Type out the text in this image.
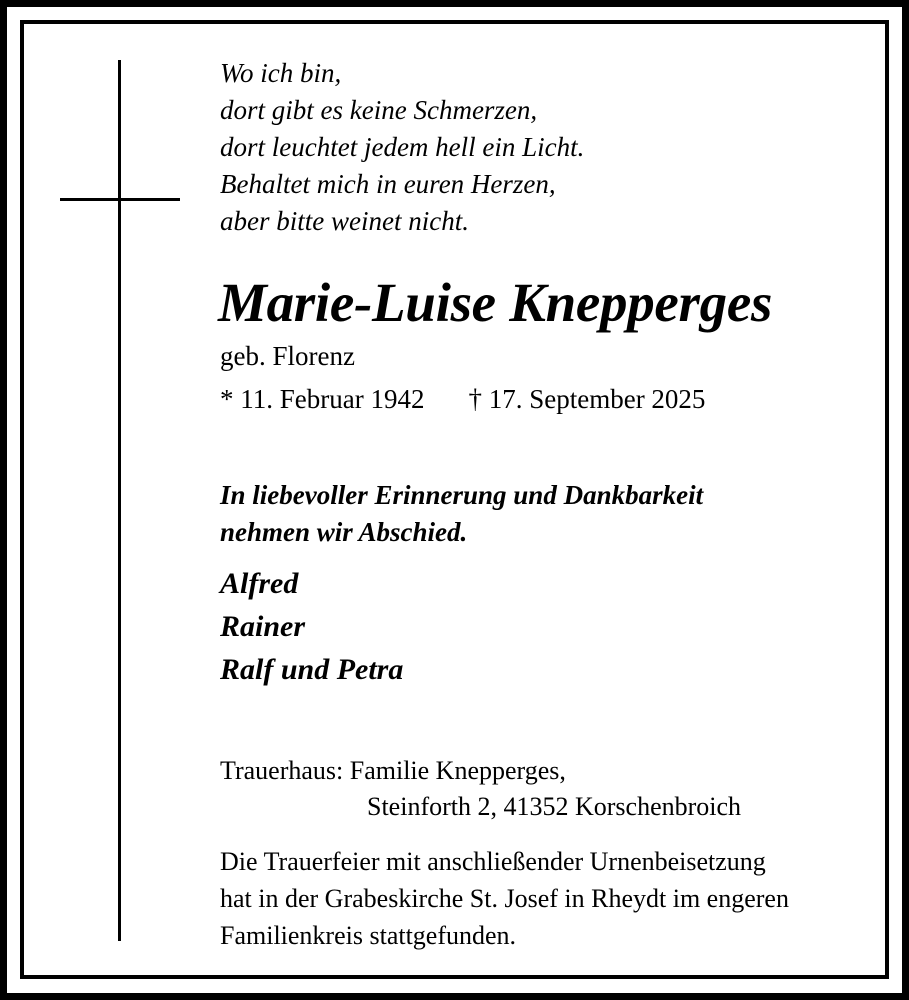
Wo ich bin,
dort gibt es keine Schmerzen,
dort leuchtet jedem hell ein Licht.
Behaltet mich in euren Herzen,
aber bitte weinet nicht.
Marie-Luise Knepperges
geb. Florenz
* 11. Februar 1942 † 17. September 2025
In liebevoller Erinnerung und Dankbarkeit
nehmen wir Abschied.
Alfred
Rainer
Ralf und Petra
Trauerhaus: Familie Knepperges,
Steinforth 2, 41352 Korschenbroich
Die Trauerfeier mit anschließender Urnenbeisetzung
hat in der Grabeskirche St. Josef in Rheydt im engeren
Familienkreis stattgefunden.
